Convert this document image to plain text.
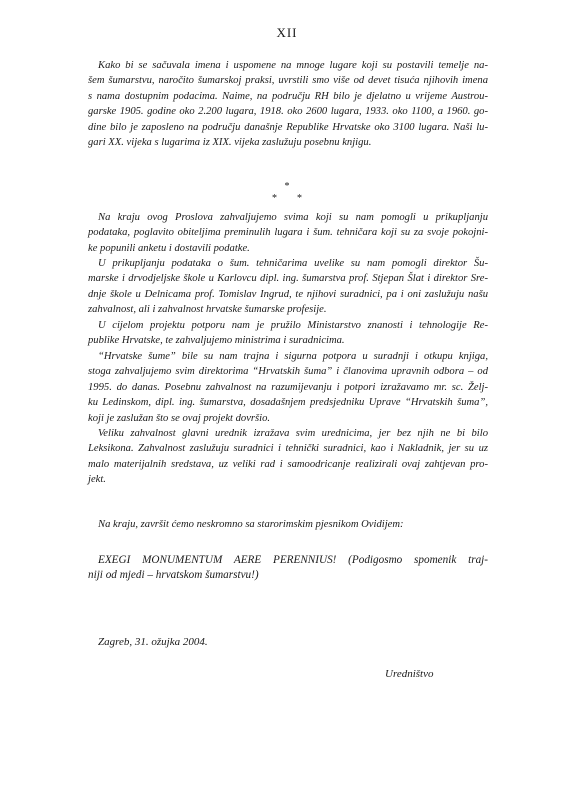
XII
Kako bi se sačuvala imena i uspomene na mnoge lugare koji su postavili temelje na-
šem šumarstvu, naročito šumarskoj praksi, uvrstili smo više od devet tisuća njihovih imena
s nama dostupnim podacima. Naime, na području RH bilo je djelatno u vrijeme Austrou-
garske 1905. godine oko 2.200 lugara, 1918. oko 2600 lugara, 1933. oko 1100, a 1960. go-
dine bilo je zaposleno na području današnje Republike Hrvatske oko 3100 lugara. Naši lu-
gari XX. vijeka s lugarima iz XIX. vijeka zaslužuju posebnu knjigu.
*
*        *
Na kraju ovog Proslova zahvaljujemo svima koji su nam pomogli u prikupljanju
podataka, poglavito obiteljima preminulih lugara i šum. tehničara koji su za svoje pokojni-
ke popunili anketu i dostavili podatke.
U prikupljanju podataka o šum. tehničarima uvelike su nam pomogli direktor Šu-
marske i drvodjeljske škole u Karlovcu dipl. ing. šumarstva prof. Stjepan Šlat i direktor Sre-
dnje škole u Delnicama prof. Tomislav Ingrud, te njihovi suradnici, pa i oni zaslužuju našu
zahvalnost, ali i zahvalnost hrvatske šumarske profesije.
U cijelom projektu potporu nam je pružilo Ministarstvo znanosti i tehnologije Re-
publike Hrvatske, te zahvaljujemo ministrima i suradnicima.
“Hrvatske šume” bile su nam trajna i sigurna potpora u suradnji i otkupu knjiga,
stoga zahvaljujemo svim direktorima “Hrvatskih šuma” i članovima upravnih odbora – od
1995. do danas. Posebnu zahvalnost na razumijevanju i potpori izražavamo mr. sc. Želj-
ku Ledinskom, dipl. ing. šumarstva, dosadašnjem predsjedniku Uprave “Hrvatskih šuma”,
koji je zaslužan što se ovaj projekt dovršio.
Veliku zahvalnost glavni urednik izražava svim urednicima, jer bez njih ne bi bilo
Leksikona. Zahvalnost zaslužuju suradnici i tehnički suradnici, kao i Nakladnik, jer su uz
malo materijalnih sredstava, uz veliki rad i samoodricanje realizirali ovaj zahtjevan pro-
jekt.
Na kraju, završit ćemo neskromno sa starorimskim pjesnikom Ovidijem:
EXEGI MONUMENTUM AERE PERENNIUS! (Podigosmo spomenik traj-
niji od mjedi – hrvatskom šumarstvu!)
Zagreb, 31. ožujka 2004.
Uredništvo
